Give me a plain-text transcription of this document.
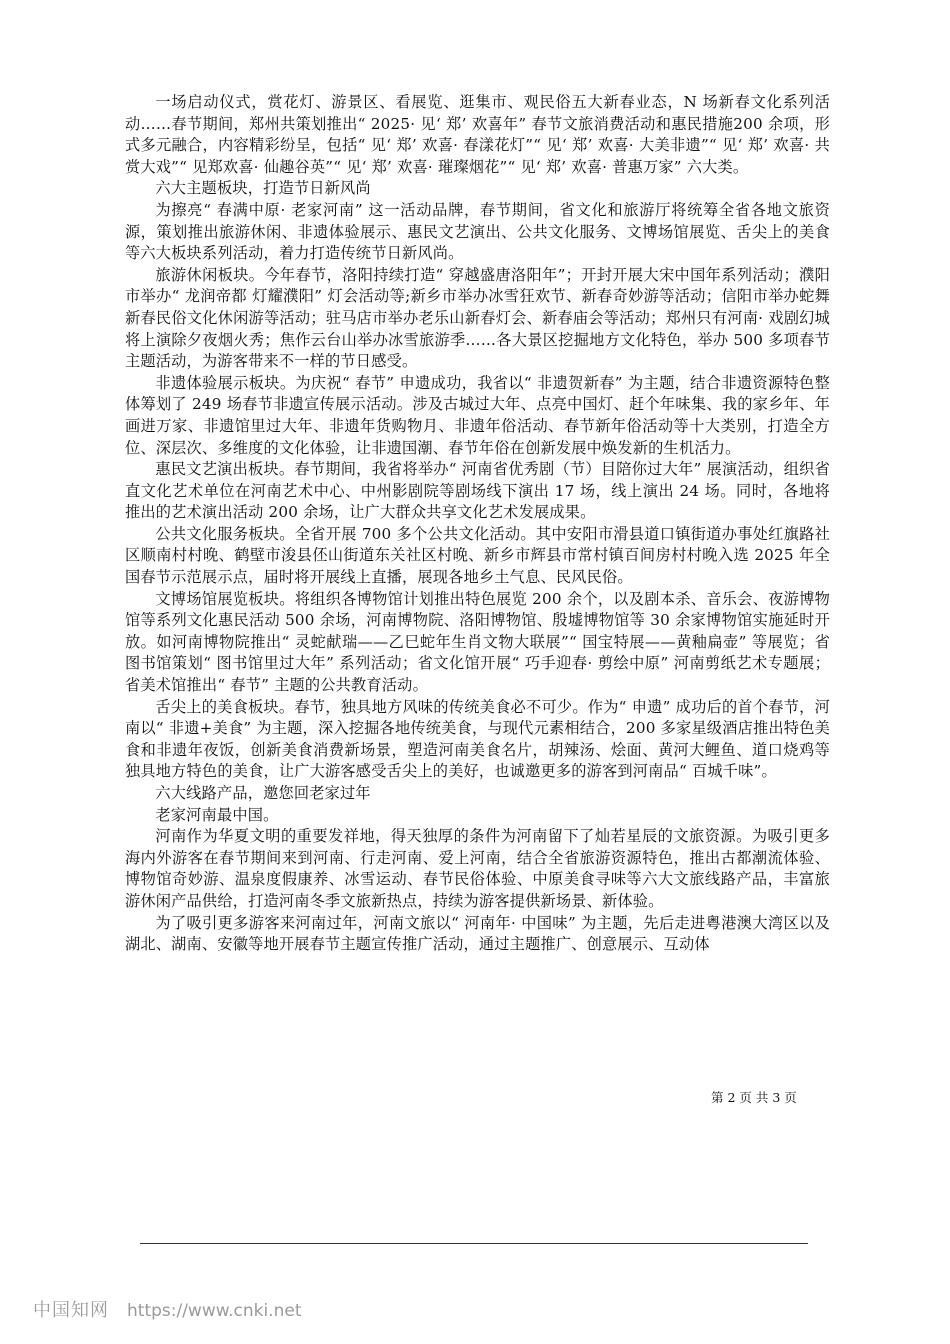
一场启动仪式，赏花灯、游景区、看展览、逛集市、观民俗五大新春业态，N 场新春文化系列活动……春节期间，郑州共策划推出“ 2025· 见‘ 郑’ 欢喜年” 春节文旅消费活动和惠民措施200 余项，形式多元融合，内容精彩纷呈，包括“ 见‘ 郑’ 欢喜· 春漾花灯”“ 见‘ 郑’ 欢喜· 大美非遗”“ 见‘ 郑’ 欢喜· 共赏大戏”“ 见郑欢喜· 仙趣谷英”“ 见‘ 郑’ 欢喜· 璀璨烟花”“ 见‘ 郑’ 欢喜· 普惠万家” 六大类。

六大主题板块，打造节日新风尚

为擦亮“ 春满中原· 老家河南” 这一活动品牌，春节期间，省文化和旅游厅将统筹全省各地文旅资源，策划推出旅游休闲、非遗体验展示、惠民文艺演出、公共文化服务、文博场馆展览、舌尖上的美食等六大板块系列活动，着力打造传统节日新风尚。

旅游休闲板块。今年春节，洛阳持续打造“ 穿越盛唐洛阳年”；开封开展大宋中国年系列活动；濮阳市举办“ 龙润帝都 灯耀濮阳” 灯会活动等;新乡市举办冰雪狂欢节、新春奇妙游等活动；信阳市举办蛇舞新春民俗文化休闲游等活动；驻马店市举办老乐山新春灯会、新春庙会等活动；郑州只有河南· 戏剧幻城将上演除夕夜烟火秀；焦作云台山举办冰雪旅游季……各大景区挖掘地方文化特色，举办 500 多项春节主题活动，为游客带来不一样的节日感受。

非遗体验展示板块。为庆祝“ 春节” 申遗成功，我省以“ 非遗贺新春” 为主题，结合非遗资源特色整体筹划了 249 场春节非遗宣传展示活动。涉及古城过大年、点亮中国灯、赶个年味集、我的家乡年、年画进万家、非遗馆里过大年、非遗年货购物月、非遗年俗活动、春节新年俗活动等十大类别，打造全方位、深层次、多维度的文化体验，让非遗国潮、春节年俗在创新发展中焕发新的生机活力。

惠民文艺演出板块。春节期间，我省将举办“ 河南省优秀剧（节）目陪你过大年” 展演活动，组织省直文化艺术单位在河南艺术中心、中州影剧院等剧场线下演出 17 场，线上演出 24 场。同时，各地将推出的艺术演出活动 200 余场，让广大群众共享文化艺术发展成果。

公共文化服务板块。全省开展 700 多个公共文化活动。其中安阳市滑县道口镇街道办事处红旗路社区顺南村村晚、鹤壁市浚县伾山街道东关社区村晚、新乡市辉县市常村镇百间房村村晚入选 2025 年全国春节示范展示点，届时将开展线上直播，展现各地乡土气息、民风民俗。

文博场馆展览板块。将组织各博物馆计划推出特色展览 200 余个，以及剧本杀、音乐会、夜游博物馆等系列文化惠民活动 500 余场，河南博物院、洛阳博物馆、殷墟博物馆等 30 余家博物馆实施延时开放。如河南博物院推出“ 灵蛇献瑞——乙巳蛇年生肖文物大联展”“ 国宝特展——黄釉扁壶” 等展览；省图书馆策划“ 图书馆里过大年” 系列活动；省文化馆开展“ 巧手迎春· 剪绘中原” 河南剪纸艺术专题展；省美术馆推出“ 春节” 主题的公共教育活动。

舌尖上的美食板块。春节，独具地方风味的传统美食必不可少。作为“ 申遗” 成功后的首个春节，河南以“ 非遗+美食” 为主题，深入挖掘各地传统美食，与现代元素相结合，200 多家星级酒店推出特色美食和非遗年夜饭，创新美食消费新场景，塑造河南美食名片，胡辣汤、烩面、黄河大鲤鱼、道口烧鸡等独具地方特色的美食，让广大游客感受舌尖上的美好，也诚邀更多的游客到河南品“ 百城千味”。

六大线路产品，邀您回老家过年

老家河南最中国。

河南作为华夏文明的重要发祥地，得天独厚的条件为河南留下了灿若星辰的文旅资源。为吸引更多海内外游客在春节期间来到河南、行走河南、爱上河南，结合全省旅游资源特色，推出古都潮流体验、博物馆奇妙游、温泉度假康养、冰雪运动、春节民俗体验、中原美食寻味等六大文旅线路产品，丰富旅游休闲产品供给，打造河南冬季文旅新热点，持续为游客提供新场景、新体验。

为了吸引更多游客来河南过年，河南文旅以“ 河南年· 中国味” 为主题，先后走进粤港澳大湾区以及湖北、湖南、安徽等地开展春节主题宣传推广活动，通过主题推广、创意展示、互动体

第 2 页 共 3 页
中国知网 https://www.cnki.net
